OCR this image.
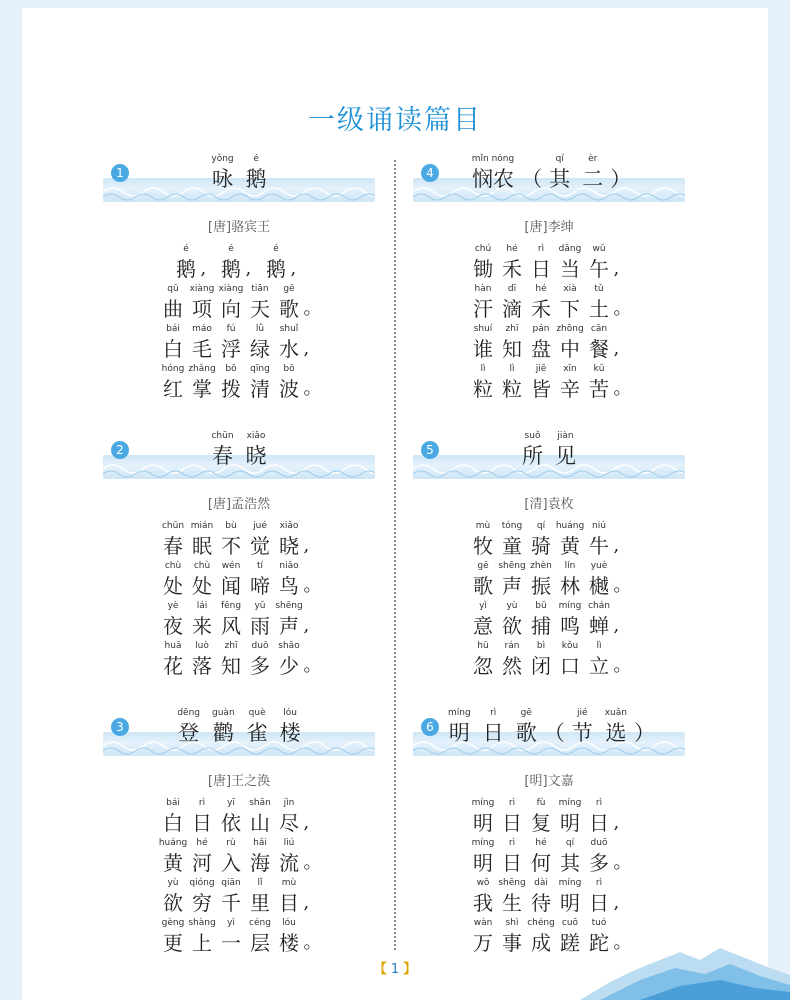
一级诵读篇目
1
yǒng
咏
é
鹅
[唐]骆宾王
é
鹅 ,
é
鹅 ,
é
鹅 ,
qū
曲
xiàng
项
xiàng
向
tiān
天
gē
歌 。
bái
白
máo
毛
fú
浮
lǜ
绿
shuǐ
水 ,
hóng
红
zhǎng
掌
bō
拨
qīng
清
bō
波 。
2
chūn
春
xiǎo
晓
[唐]孟浩然
chūn
春
mián
眠
bù
不
jué
觉
xiǎo
晓 ,
chù
处
chù
处
wén
闻
tí
啼
niǎo
鸟 。
yè
夜
lái
来
fēng
风
yǔ
雨
shēng
声 ,
huā
花
luò
落
zhī
知
duō
多
shǎo
少 。
3
dēng
登
guàn
鹳
què
雀
lóu
楼
[唐]王之涣
bái
白
rì
日
yī
依
shān
山
jìn
尽 ,
huáng
黄
hé
河
rù
入
hǎi
海
liú
流 。
yù
欲
qióng
穷
qiān
千
lǐ
里
mù
目 ,
gèng
更
shàng
上
yì
一
céng
层
lóu
楼 。
4
mǐn nóng
悯农 （
qí
其
èr
二 ）
[唐]李绅
chú
锄
hé
禾
rì
日
dāng
当
wǔ
午 ,
hàn
汗
dī
滴
hé
禾
xià
下
tǔ
土 。
shuí
谁
zhī
知
pán
盘
zhōng
中
cān
餐 ,
lì
粒
lì
粒
jiē
皆
xīn
辛
kǔ
苦 。
5
suǒ
所
jiàn
见
[清]袁枚
mù
牧
tóng
童
qí
骑
huáng
黄
niú
牛 ,
gē
歌
shēng
声
zhèn
振
lín
林
yuè
樾 。
yì
意
yù
欲
bǔ
捕
míng
鸣
chán
蝉 ,
hū
忽
rán
然
bì
闭
kǒu
口
lì
立 。
6
míng
明
rì
日
gē
歌 （
jié
节
xuǎn
选 ）
[明]文嘉
míng
明
rì
日
fù
复
míng
明
rì
日 ,
míng
明
rì
日
hé
何
qí
其
duō
多 。
wǒ
我
shēng
生
dài
待
míng
明
rì
日 ,
wàn
万
shì
事
chéng
成
cuō
蹉
tuó
跎 。
【 1 】
